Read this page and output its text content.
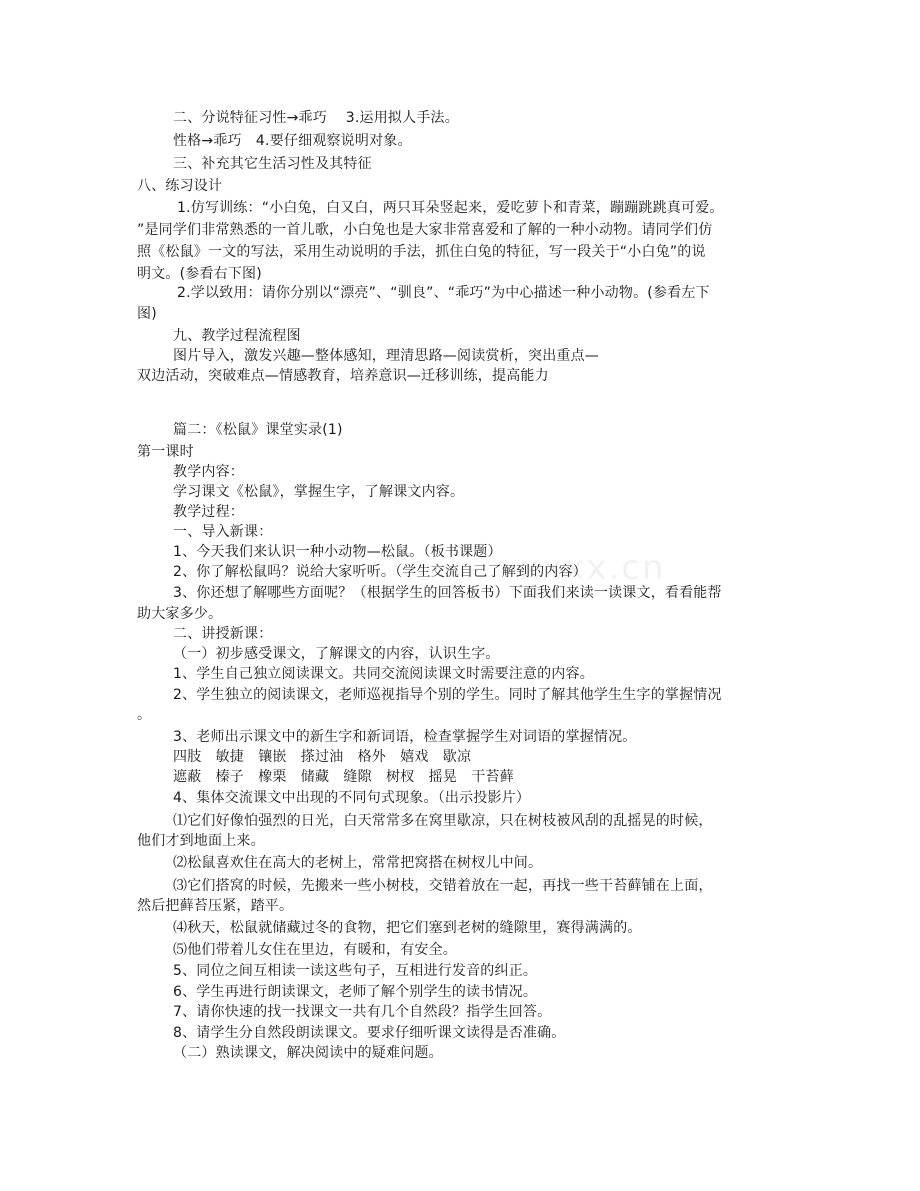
二、分说特征习性→乖巧　 3.运用拟人手法。
性格→乖巧　4.要仔细观察说明对象。
三、补充其它生活习性及其特征
八、练习设计
1.仿写训练：“小白兔，白又白，两只耳朵竖起来，爱吃萝卜和青菜，蹦蹦跳跳真可爱。
”是同学们非常熟悉的一首儿歌，小白兔也是大家非常喜爱和了解的一种小动物。请同学们仿
照《松鼠》一文的写法，采用生动说明的手法，抓住白兔的特征，写一段关于“小白兔”的说
明文。(参看右下图)
2.学以致用：请你分别以“漂亮”、“驯良”、“乖巧”为中心描述一种小动物。(参看左下
图)
九、教学过程流程图
图片导入，激发兴趣—整体感知，理清思路—阅读赏析，突出重点—
双边活动，突破难点—情感教育，培养意识—迁移训练，提高能力
篇二：《松鼠》课堂实录(1)
第一课时
教学内容：
学习课文《松鼠》，掌握生字，了解课文内容。
教学过程：
一、导入新课：
1、今天我们来认识一种小动物—松鼠。（板书课题）
2、你了解松鼠吗？说给大家听听。（学生交流自己了解到的内容）
3、你还想了解哪些方面呢？（根据学生的回答板书）下面我们来读一读课文，看看能帮
助大家多少。
二、讲授新课：
（一）初步感受课文，了解课文的内容，认识生字。
1、学生自己独立阅读课文。共同交流阅读课文时需要注意的内容。
2、学生独立的阅读课文，老师巡视指导个别的学生。同时了解其他学生生字的掌握情况
。
3、老师出示课文中的新生字和新词语，检查掌握学生对词语的掌握情况。
四肢　敏捷　镶嵌　搽过油　格外　嬉戏　歇凉
遮蔽　榛子　橡栗　储藏　缝隙　树杈　摇晃　干苔藓
4、集体交流课文中出现的不同句式现象。（出示投影片）
⑴它们好像怕强烈的日光，白天常常多在窝里歇凉，只在树枝被风刮的乱摇晃的时候，
他们才到地面上来。
⑵松鼠喜欢住在高大的老树上，常常把窝搭在树杈儿中间。
⑶它们搭窝的时候，先搬来一些小树枝，交错着放在一起，再找一些干苔藓铺在上面，
然后把藓苔压紧，踏平。
⑷秋天，松鼠就储藏过冬的食物，把它们塞到老树的缝隙里，赛得满满的。
⑸他们带着儿女住在里边，有暖和，有安全。
5、同位之间互相读一读这些句子，互相进行发音的纠正。
6、学生再进行朗读课文，老师了解个别学生的读书情况。
7、请你快速的找一找课文一共有几个自然段？指学生回答。
8、请学生分自然段朗读课文。要求仔细听课文读得是否准确。
（二）熟读课文，解决阅读中的疑难问题。
xxxx.cn
